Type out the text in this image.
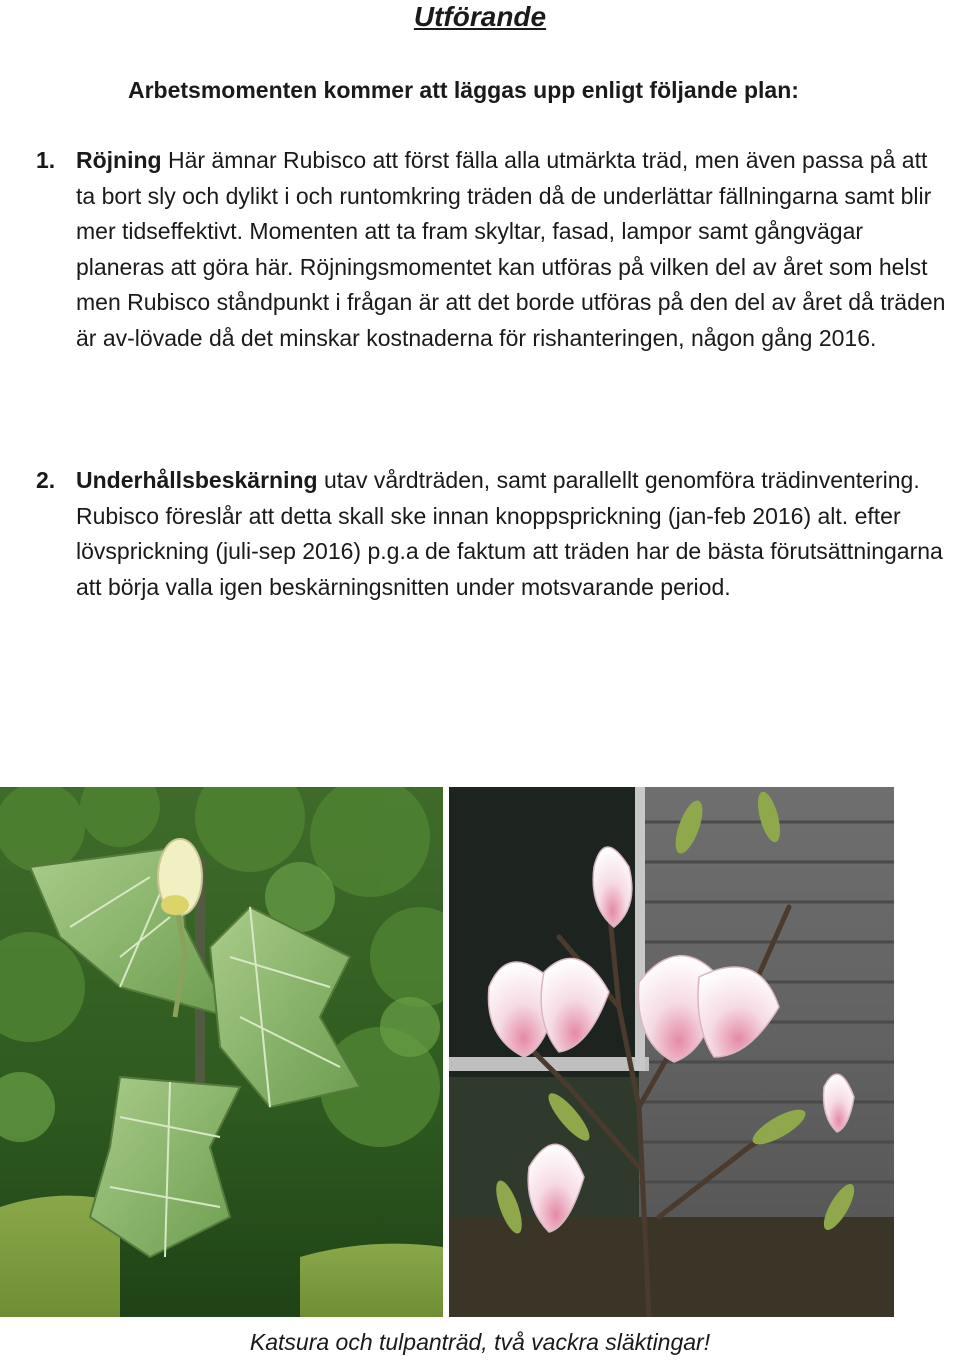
Utförande
Arbetsmomenten kommer att läggas upp enligt följande plan:
1. Röjning Här ämnar Rubisco att först fälla alla utmärkta träd, men även passa på att ta bort sly och dylikt i och runtomkring träden då de underlättar fällningarna samt blir mer tidseffektivt. Momenten att ta fram skyltar, fasad, lampor samt gångvägar planeras att göra här. Röjningsmomentet kan utföras på vilken del av året som helst men Rubisco ståndpunkt i frågan är att det borde utföras på den del av året då träden är av-lövade då det minskar kostnaderna för rishanteringen, någon gång 2016.
2. Underhållsbeskärning utav vårdträden, samt parallellt genomföra trädinventering. Rubisco föreslår att detta skall ske innan knoppsprickning (jan-feb 2016) alt. efter lövsprickning (juli-sep 2016) p.g.a de faktum att träden har de bästa förutsättningarna att börja valla igen beskärningsnitten under motsvarande period.
Katsura och tulpanträd, två vackra släktingar!
